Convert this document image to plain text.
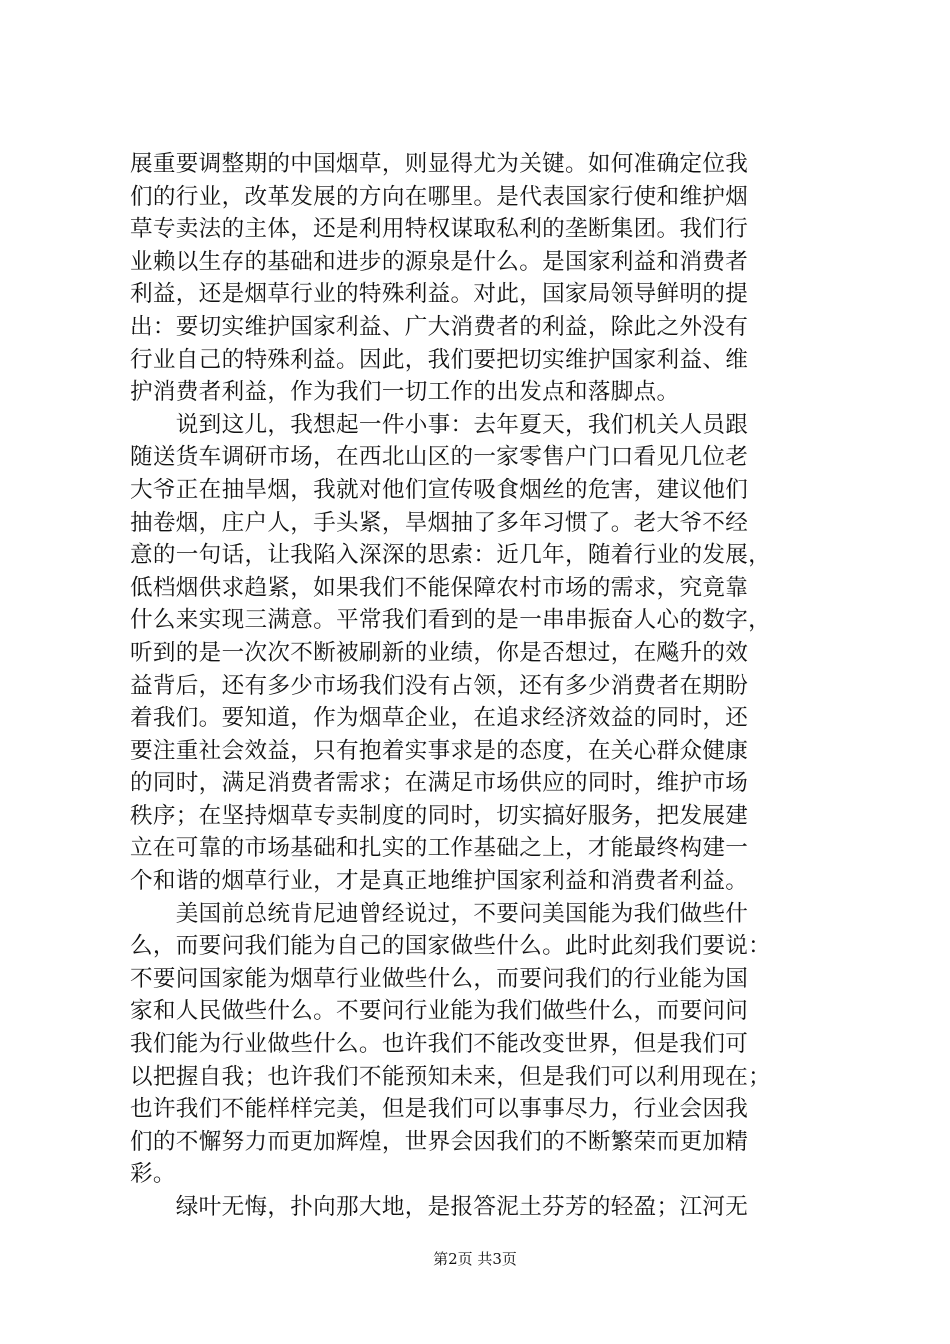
展重要调整期的中国烟草，则显得尤为关键。如何准确定位我
们的行业，改革发展的方向在哪里。是代表国家行使和维护烟
草专卖法的主体，还是利用特权谋取私利的垄断集团。我们行
业赖以生存的基础和进步的源泉是什么。是国家利益和消费者
利益，还是烟草行业的特殊利益。对此，国家局领导鲜明的提
出：要切实维护国家利益、广大消费者的利益，除此之外没有
行业自己的特殊利益。因此，我们要把切实维护国家利益、维
护消费者利益，作为我们一切工作的出发点和落脚点。
　　说到这儿，我想起一件小事：去年夏天，我们机关人员跟
随送货车调研市场，在西北山区的一家零售户门口看见几位老
大爷正在抽旱烟，我就对他们宣传吸食烟丝的危害，建议他们
抽卷烟，庄户人，手头紧，旱烟抽了多年习惯了。老大爷不经
意的一句话，让我陷入深深的思索：近几年，随着行业的发展，
低档烟供求趋紧，如果我们不能保障农村市场的需求，究竟靠
什么来实现三满意。平常我们看到的是一串串振奋人心的数字，
听到的是一次次不断被刷新的业绩，你是否想过，在飚升的效
益背后，还有多少市场我们没有占领，还有多少消费者在期盼
着我们。要知道，作为烟草企业，在追求经济效益的同时，还
要注重社会效益，只有抱着实事求是的态度，在关心群众健康
的同时，满足消费者需求；在满足市场供应的同时，维护市场
秩序；在坚持烟草专卖制度的同时，切实搞好服务，把发展建
立在可靠的市场基础和扎实的工作基础之上，才能最终构建一
个和谐的烟草行业，才是真正地维护国家利益和消费者利益。
　　美国前总统肯尼迪曾经说过，不要问美国能为我们做些什
么，而要问我们能为自己的国家做些什么。此时此刻我们要说：
不要问国家能为烟草行业做些什么，而要问我们的行业能为国
家和人民做些什么。不要问行业能为我们做些什么，而要问问
我们能为行业做些什么。也许我们不能改变世界，但是我们可
以把握自我；也许我们不能预知未来，但是我们可以利用现在；
也许我们不能样样完美，但是我们可以事事尽力，行业会因我
们的不懈努力而更加辉煌，世界会因我们的不断繁荣而更加精
彩。
　　绿叶无悔，扑向那大地，是报答泥土芬芳的轻盈；江河无
第2页 共3页
